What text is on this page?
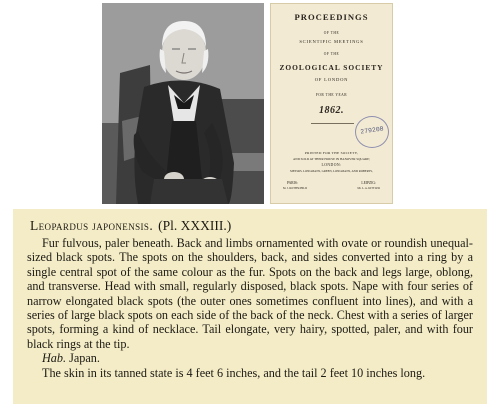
PROCEEDINGS
OF THE
SCIENTIFIC MEETINGS
OF THE
ZOOLOGICAL SOCIETY
OF LONDON
FOR THE YEAR
1862.
279208
PRINTED FOR THE SOCIETY,
AND SOLD AT THEIR HOUSE IN HANOVER SQUARE;
LONDON:
MESSRS. LONGMANS, GREEN, LONGMANS, AND ROBERTS,
PARIS:	LEIPZIG:
M. J. ROTHSCHILD	Mr. L. A. KITTLER

Leopardus japonensis. (Pl. XXXIII.)

Fur fulvous, paler beneath. Back and limbs ornamented with ovate or roundish unequal-sized black spots. The spots on the shoulders, back, and sides converted into a ring by a single central spot of the same colour as the fur. Spots on the back and legs large, oblong, and transverse. Head with small, regularly disposed, black spots. Nape with four series of narrow elongated black spots (the outer ones sometimes confluent into lines), and with a series of large black spots on each side of the back of the neck. Chest with a series of larger spots, forming a kind of necklace. Tail elongate, very hairy, spotted, paler, and with four black rings at the tip.

Hab. Japan.

The skin in its tanned state is 4 feet 6 inches, and the tail 2 feet 10 inches long.
